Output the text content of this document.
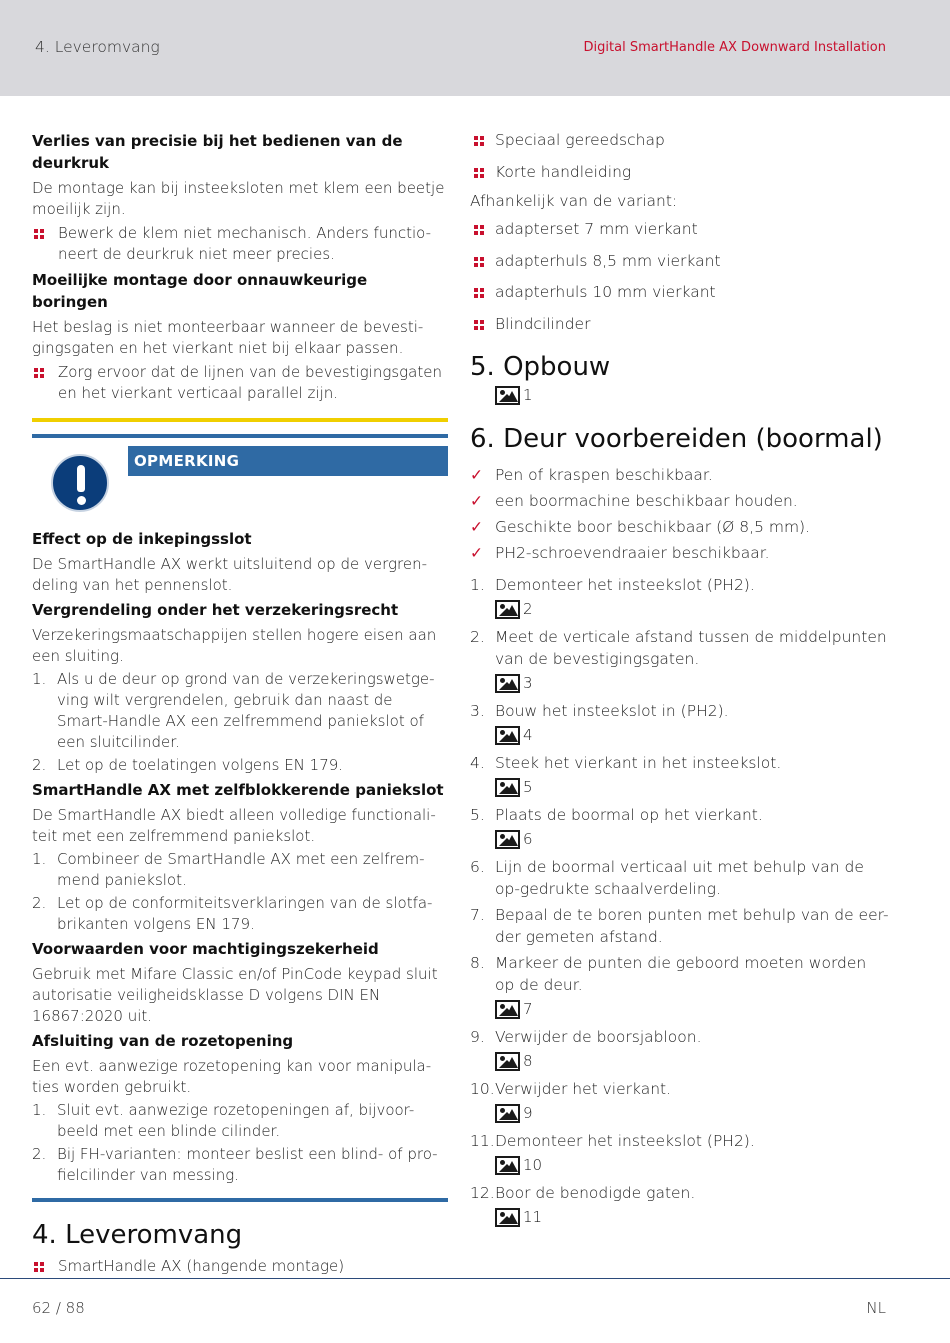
4. Leveromvang	Digital SmartHandle AX Downward Installation
Verlies van precisie bij het bedienen van de deurkruk
De montage kan bij insteeksloten met klem een beetje moeilijk zijn.
Bewerk de klem niet mechanisch. Anders functio-neert de deurkruk niet meer precies.
Moeilijke montage door onnauwkeurige boringen
Het beslag is niet monteerbaar wanneer de bevesti-gingsgaten en het vierkant niet bij elkaar passen.
Zorg ervoor dat de lijnen van de bevestigingsgaten en het vierkant verticaal parallel zijn.
OPMERKING
Effect op de inkepingsslot
De SmartHandle AX werkt uitsluitend op de vergren-deling van het pennenslot.
Vergrendeling onder het verzekeringsrecht
Verzekeringsmaatschappijen stellen hogere eisen aan een sluiting.
1. Als u de deur op grond van de verzekeringswetge-ving wilt vergrendelen, gebruik dan naast de Smart-Handle AX een zelfremmend paniekslot of een sluitcilinder.
2. Let op de toelatingen volgens EN 179.
SmartHandle AX met zelfblokkerende paniekslot
De SmartHandle AX biedt alleen volledige functionali-teit met een zelfremmend paniekslot.
1. Combineer de SmartHandle AX met een zelfrem-mend paniekslot.
2. Let op de conformiteitsverklaringen van de slotfa-brikanten volgens EN 179.
Voorwaarden voor machtigingszekerheid
Gebruik met Mifare Classic en/of PinCode keypad sluit autorisatie veiligheidsklasse D volgens DIN EN 16867:2020 uit.
Afsluiting van de rozetopening
Een evt. aanwezige rozetopening kan voor manipula-ties worden gebruikt.
1. Sluit evt. aanwezige rozetopeningen af, bijvoor-beeld met een blinde cilinder.
2. Bij FH-varianten: monteer beslist een blind- of pro-fielcilinder van messing.
4. Leveromvang
SmartHandle AX (hangende montage)
Speciaal gereedschap
Korte handleiding
Afhankelijk van de variant:
adapterset 7 mm vierkant
adapterhuls 8,5 mm vierkant
adapterhuls 10 mm vierkant
Blindcilinder
5. Opbouw
1
6. Deur voorbereiden (boormal)
✓ Pen of kraspen beschikbaar.
✓ een boormachine beschikbaar houden.
✓ Geschikte boor beschikbaar (Ø 8,5 mm).
✓ PH2-schroevendraaier beschikbaar.
1. Demonteer het insteekslot (PH2).
2
2. Meet de verticale afstand tussen de middelpunten van de bevestigingsgaten.
3
3. Bouw het insteekslot in (PH2).
4
4. Steek het vierkant in het insteekslot.
5
5. Plaats de boormal op het vierkant.
6
6. Lijn de boormal verticaal uit met behulp van de op-gedrukte schaalverdeling.
7. Bepaal de te boren punten met behulp van de eer-der gemeten afstand.
8. Markeer de punten die geboord moeten worden op de deur.
7
9. Verwijder de boorsjabloon.
8
10. Verwijder het vierkant.
9
11. Demonteer het insteekslot (PH2).
10
12. Boor de benodigde gaten.
11
62 / 88	NL
